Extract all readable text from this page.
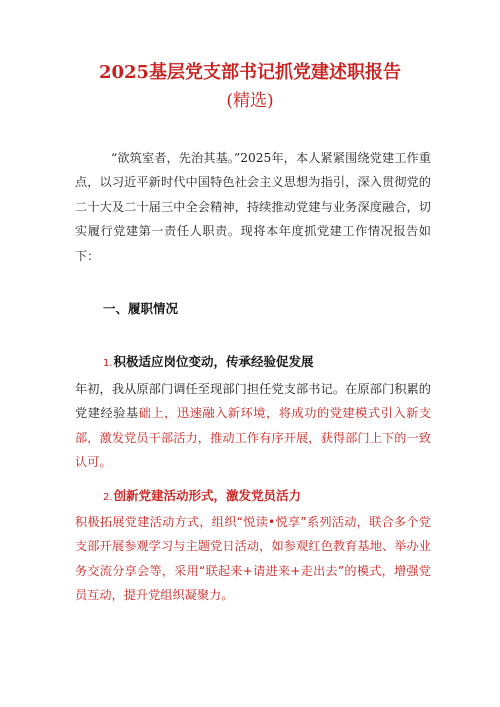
2025基层党支部书记抓党建述职报告
(精选)

“欲筑室者，先治其基。”2025年，本人紧紧围绕党建工作重点，以习近平新时代中国特色社会主义思想为指引，深入贯彻党的二十大及二十届三中全会精神，持续推动党建与业务深度融合，切实履行党建第一责任人职责。现将本年度抓党建工作情况报告如下：

一、履职情况
1.积极适应岗位变动，传承经验促发展

年初，我从原部门调任至现部门担任党支部书记。在原部门积累的党建经验基础上，迅速融入新环境，将成功的党建模式引入新支部，激发党员干部活力，推动工作有序开展，获得部门上下的一致认可。

2.创新党建活动形式，激发党员活力

积极拓展党建活动方式，组织“悦读•悦享”系列活动，联合多个党支部开展参观学习与主题党日活动，如参观红色教育基地、举办业务交流分享会等，采用“联起来+请进来+走出去”的模式，增强党员互动，提升党组织凝聚力。
